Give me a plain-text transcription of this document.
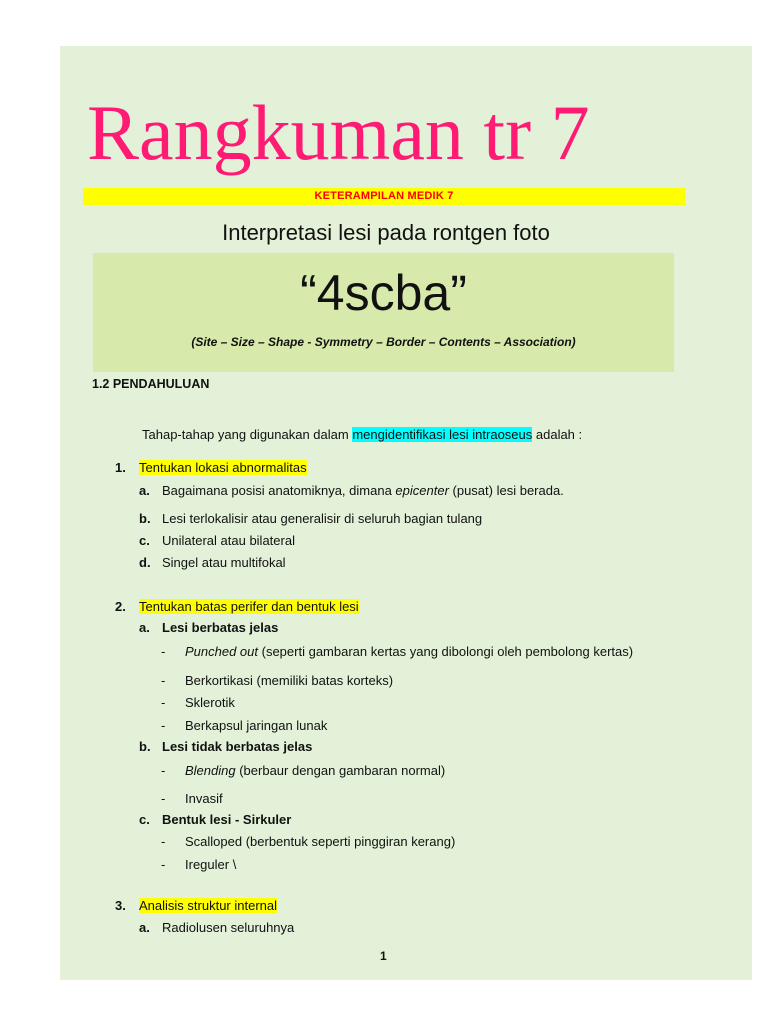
Rangkuman tr 7
KETERAMPILAN MEDIK 7
Interpretasi lesi pada rontgen foto
“4scba”
(Site – Size – Shape - Symmetry – Border – Contents – Association)
1.2 PENDAHULUAN
Tahap-tahap yang digunakan dalam mengidentifikasi lesi intraoseus adalah :
1. Tentukan lokasi abnormalitas
a. Bagaimana posisi anatomiknya, dimana epicenter (pusat) lesi berada.
b. Lesi terlokalisir atau generalisir di seluruh bagian tulang
c. Unilateral atau bilateral
d. Singel atau multifokal
2. Tentukan batas perifer dan bentuk lesi
a. Lesi berbatas jelas
- Punched out (seperti gambaran kertas yang dibolongi oleh pembolong kertas)
- Berkortikasi (memiliki batas korteks)
- Sklerotik
- Berkapsul jaringan lunak
b. Lesi tidak berbatas jelas
- Blending (berbaur dengan gambaran normal)
- Invasif
c. Bentuk lesi - Sirkuler
- Scalloped (berbentuk seperti pinggiran kerang)
- Ireguler \
3. Analisis struktur internal
a. Radiolusen seluruhnya
1
